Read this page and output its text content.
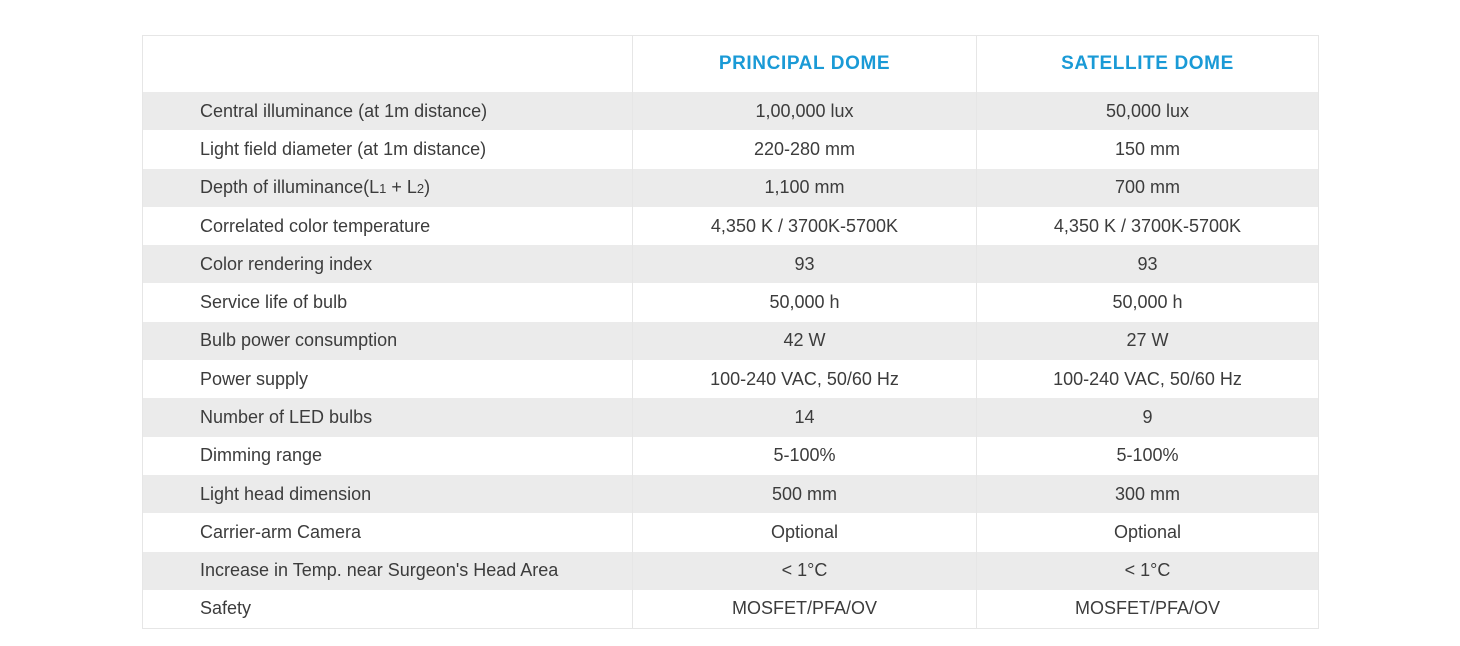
	PRINCIPAL DOME	SATELLITE DOME
Central illuminance (at 1m distance)	1,00,000 lux	50,000 lux
Light field diameter (at 1m distance)	220-280 mm	150 mm
Depth of illuminance(L1 + L2)	1,100 mm	700 mm
Correlated color temperature	4,350 K / 3700K-5700K	4,350 K / 3700K-5700K
Color rendering index	93	93
Service life of bulb	50,000 h	50,000 h
Bulb power consumption	42 W	27 W
Power supply	100-240 VAC, 50/60 Hz	100-240 VAC, 50/60 Hz
Number of LED bulbs	14	9
Dimming range	5-100%	5-100%
Light head dimension	500 mm	300 mm
Carrier-arm Camera	Optional	Optional
Increase in Temp. near Surgeon's Head Area	< 1°C	< 1°C
Safety	MOSFET/PFA/OV	MOSFET/PFA/OV
